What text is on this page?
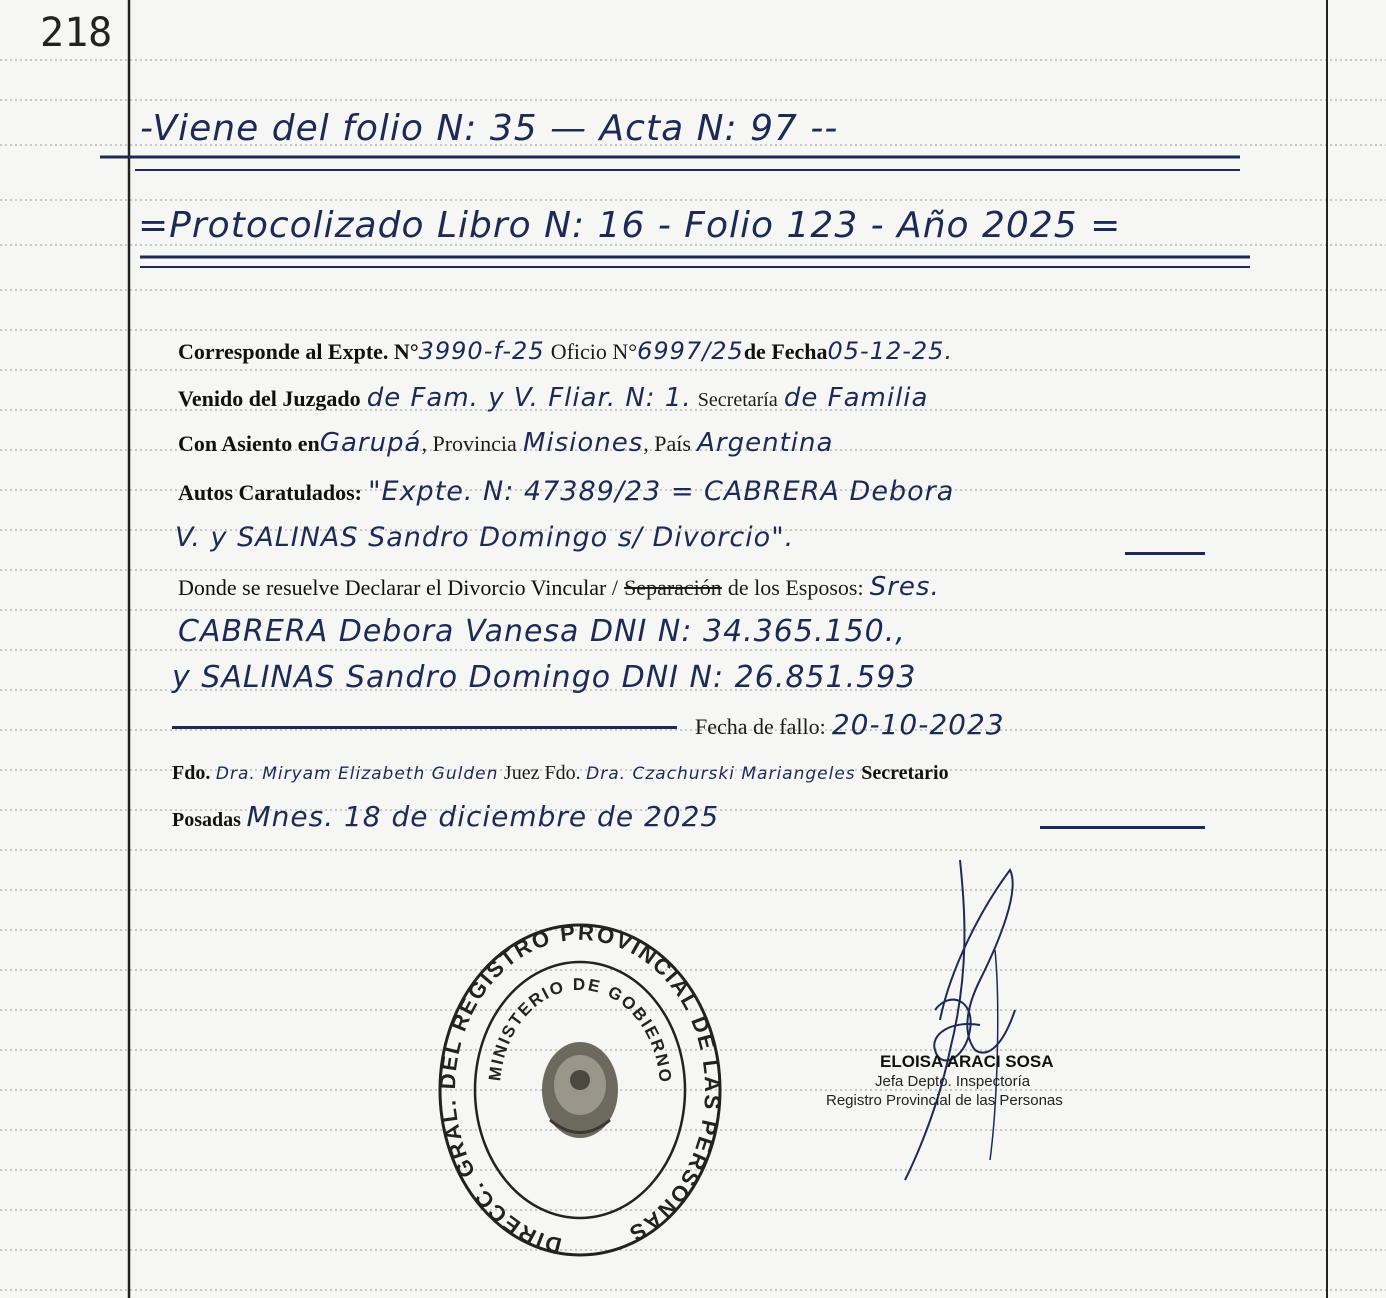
218
-Viene del folio N: 35 — Acta N: 97 --
=Protocolizado Libro N: 16 - Folio 123 - Año 2025 =
Corresponde al Expte. N°3990-f-25 Oficio N°6997/25de Fecha05-12-25.
Venido del Juzgado de Fam. y V. Fliar. N: 1. Secretaría de Familia
Con Asiento enGarupá, Provincia Misiones, País Argentina
Autos Caratulados: "Expte. N: 47389/23 = CABRERA Debora
V. y SALINAS Sandro Domingo s/ Divorcio".
Donde se resuelve Declarar el Divorcio Vincular / Separación de los Esposos: Sres.
CABRERA Debora Vanesa DNI N: 34.365.150.,
y SALINAS Sandro Domingo DNI N: 26.851.593
Fecha de fallo: 20-10-2023
Fdo. Dra. Miryam Elizabeth Gulden Juez Fdo. Dra. Czachurski Mariangeles Secretario
Posadas Mnes. 18 de diciembre de 2025
DIRECC. GRAL. DEL REGISTRO PROVINCIAL DE LAS PERSONAS
MINISTERIO DE GOBIERNO
ELOISA ARACI SOSA
Jefa Depto. Inspectoría
Registro Provincial de las Personas
